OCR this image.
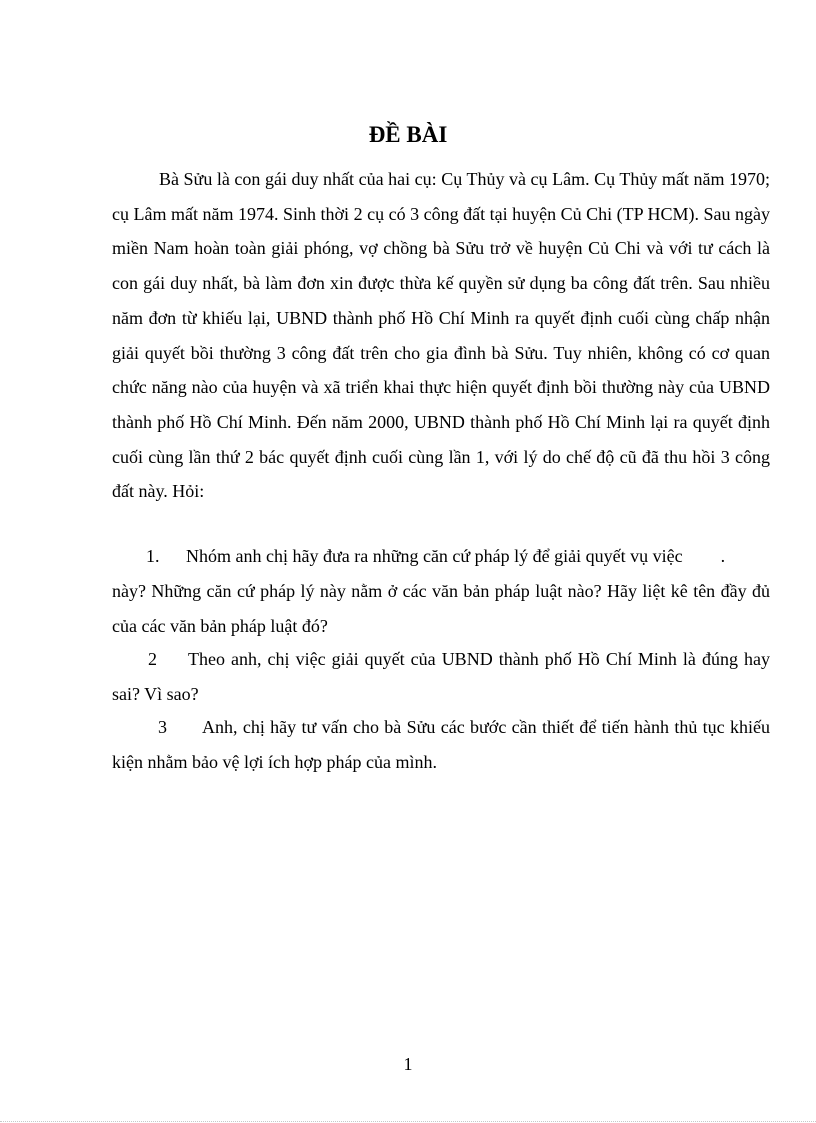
ĐỀ BÀI

Bà Sửu là con gái duy nhất của hai cụ: Cụ Thủy và cụ Lâm. Cụ Thủy mất năm 1970; cụ Lâm mất năm 1974. Sinh thời 2 cụ có 3 công đất tại huyện Củ Chi (TP HCM). Sau ngày miền Nam hoàn toàn giải phóng, vợ chồng bà Sửu trở về huyện Củ Chi và với tư cách là con gái duy nhất, bà làm đơn xin được thừa kế quyền sử dụng ba công đất trên. Sau nhiều năm đơn từ khiếu lại, UBND thành phố Hồ Chí Minh ra quyết định cuối cùng chấp nhận giải quyết bồi thường 3 công đất trên cho gia đình bà Sửu. Tuy nhiên, không có cơ quan chức năng nào của huyện và xã triển khai thực hiện quyết định bồi thường này của UBND thành phố Hồ Chí Minh. Đến năm 2000, UBND thành phố Hồ Chí Minh lại ra quyết định cuối cùng lần thứ 2 bác quyết định cuối cùng lần 1, với lý do chế độ cũ đã thu hồi 3 công đất này. Hỏi:

1. Nhóm anh chị hãy đưa ra những căn cứ pháp lý để giải quyết vụ việc .
này? Những căn cứ pháp lý này nằm ở các văn bản pháp luật nào? Hãy liệt kê tên đầy đủ của các văn bản pháp luật đó?

2 Theo anh, chị việc giải quyết của UBND thành phố Hồ Chí Minh là đúng hay sai? Vì sao?

3 Anh, chị hãy tư vấn cho bà Sửu các bước cần thiết để tiến hành thủ tục khiếu kiện nhằm bảo vệ lợi ích hợp pháp của mình.

1
